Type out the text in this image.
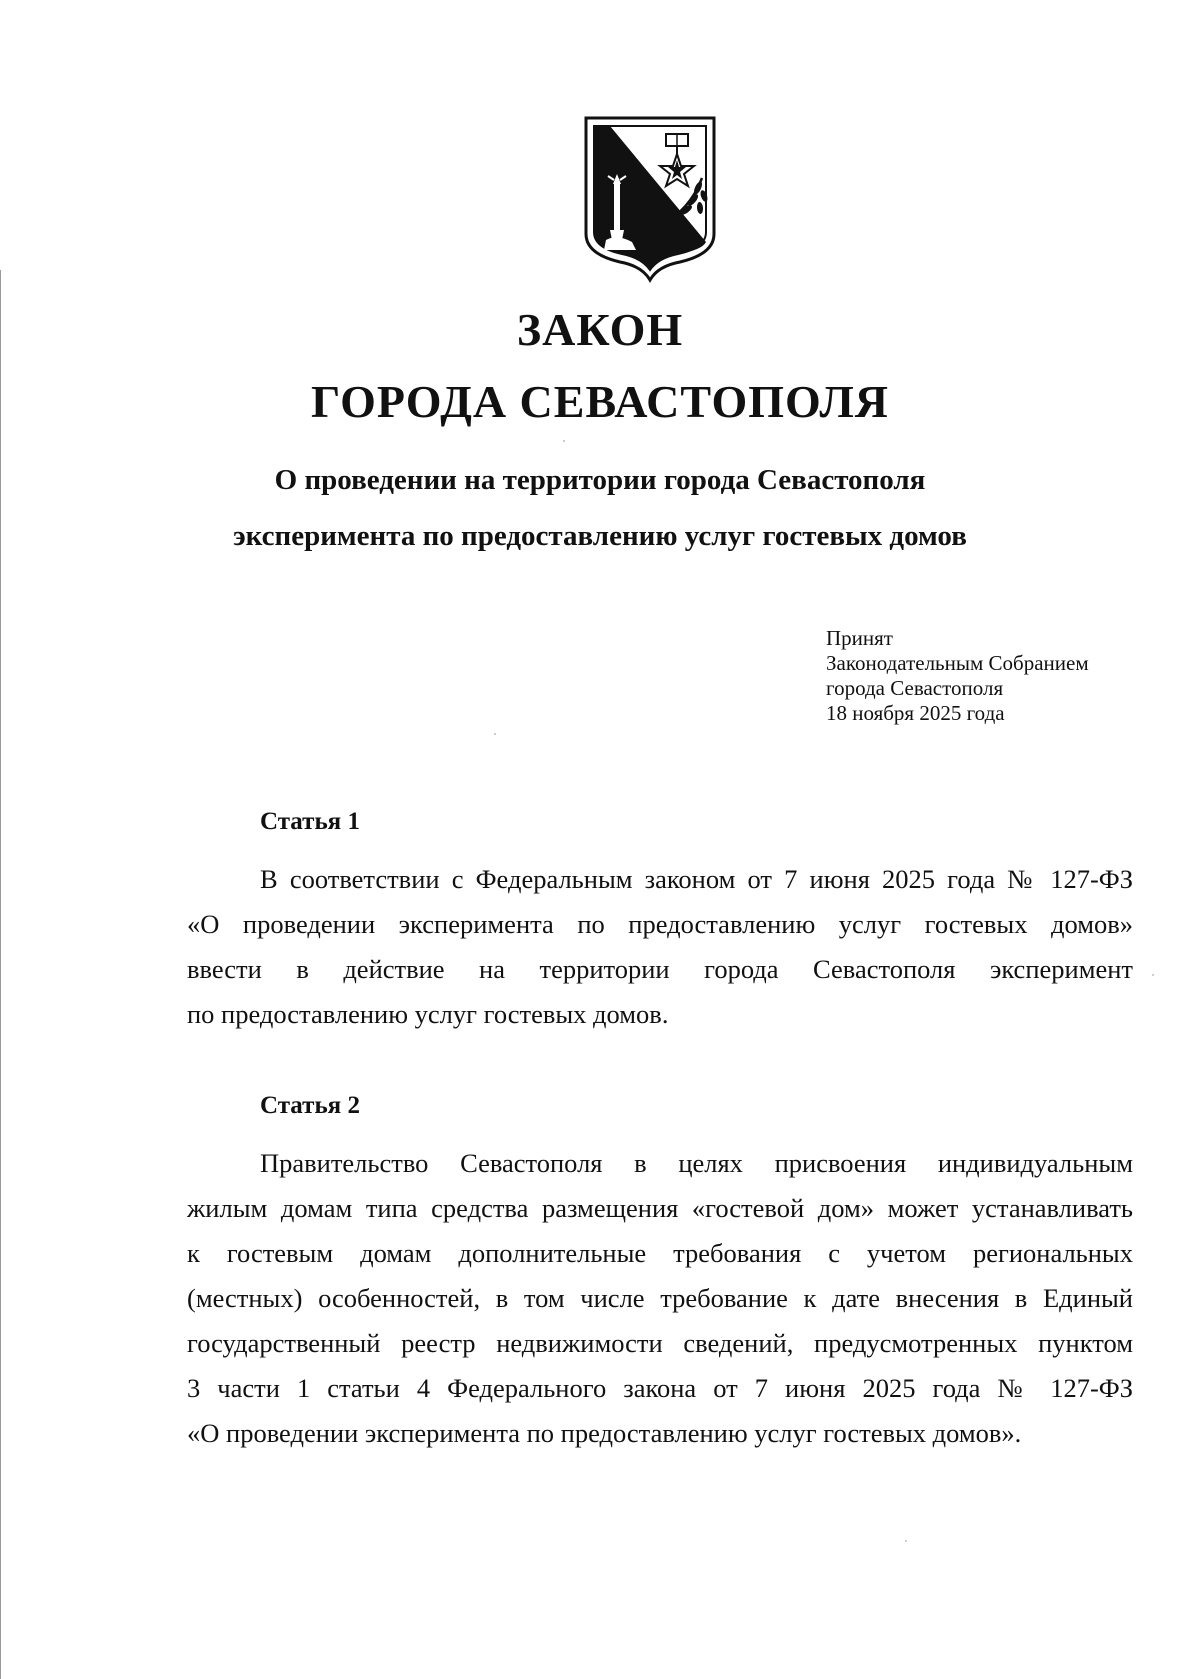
ЗАКОН
ГОРОДА СЕВАСТОПОЛЯ
О проведении на территории города Севастополя
эксперимента по предоставлению услуг гостевых домов
Принят
Законодательным Собранием
города Севастополя
18 ноября 2025 года
Статья 1
В соответствии с Федеральным законом от 7 июня 2025 года № 127-ФЗ
«О проведении эксперимента по предоставлению услуг гостевых домов»
ввести в действие на территории города Севастополя эксперимент
по предоставлению услуг гостевых домов.
Статья 2
Правительство Севастополя в целях присвоения индивидуальным
жилым домам типа средства размещения «гостевой дом» может устанавливать
к гостевым домам дополнительные требования с учетом региональных
(местных) особенностей, в том числе требование к дате внесения в Единый
государственный реестр недвижимости сведений, предусмотренных пунктом
3 части 1 статьи 4 Федерального закона от 7 июня 2025 года № 127-ФЗ
«О проведении эксперимента по предоставлению услуг гостевых домов».
